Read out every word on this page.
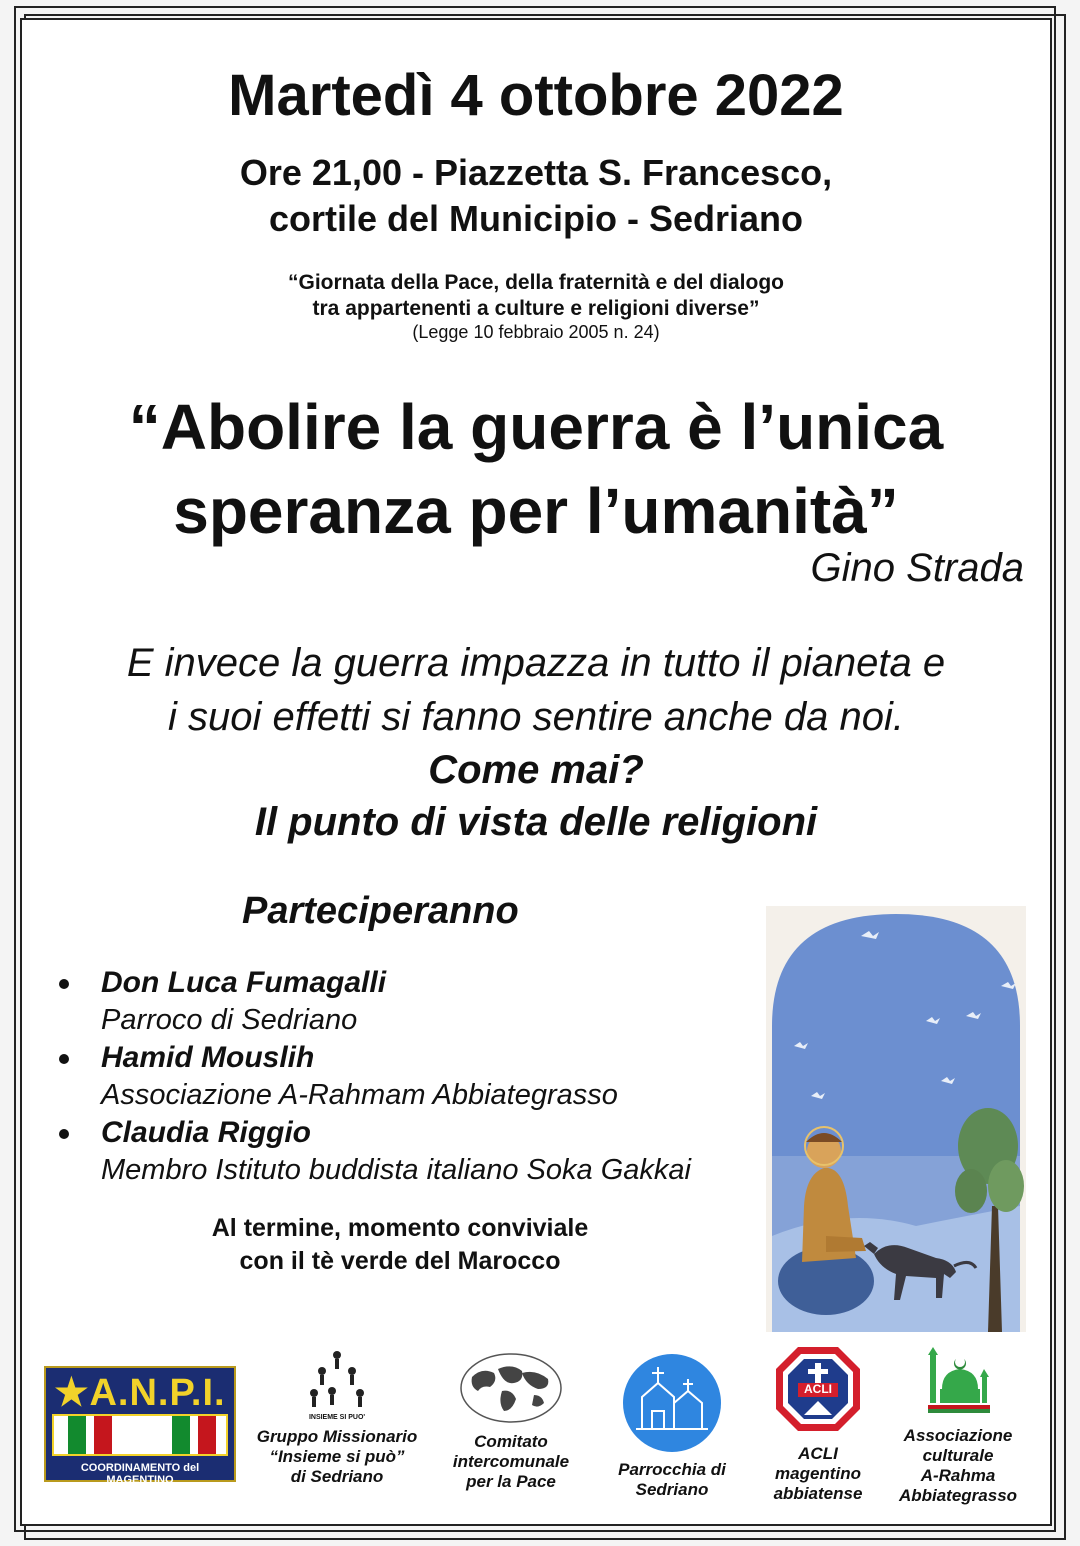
Martedì 4 ottobre 2022
Ore 21,00 - Piazzetta S. Francesco,
cortile del Municipio - Sedriano
“Giornata della Pace, della fraternità e del dialogo
tra appartenenti a culture e religioni diverse”
(Legge 10 febbraio 2005 n. 24)
“Abolire la guerra è l’unica
speranza per l’umanità”
Gino Strada
E invece la guerra impazza in tutto il pianeta e
i suoi effetti si fanno sentire anche da noi.
Come mai?
Il punto di vista delle religioni
Parteciperanno
Don Luca Fumagalli
Parroco di Sedriano
Hamid Mouslih
Associazione A-Rahmam Abbiategrasso
Claudia Riggio
Membro Istituto buddista italiano Soka Gakkai
Al termine, momento conviviale
con il tè verde del Marocco
★A.N.P.I.
COORDINAMENTO del MAGENTINO
INSIEME SI PUO'
Gruppo Missionario
“Insieme si può”
di Sedriano
Comitato
intercomunale
per la Pace
Parrocchia di
Sedriano
ACLI
ACLI
magentino
abbiatense
Associazione
culturale
A-Rahma
Abbiategrasso
